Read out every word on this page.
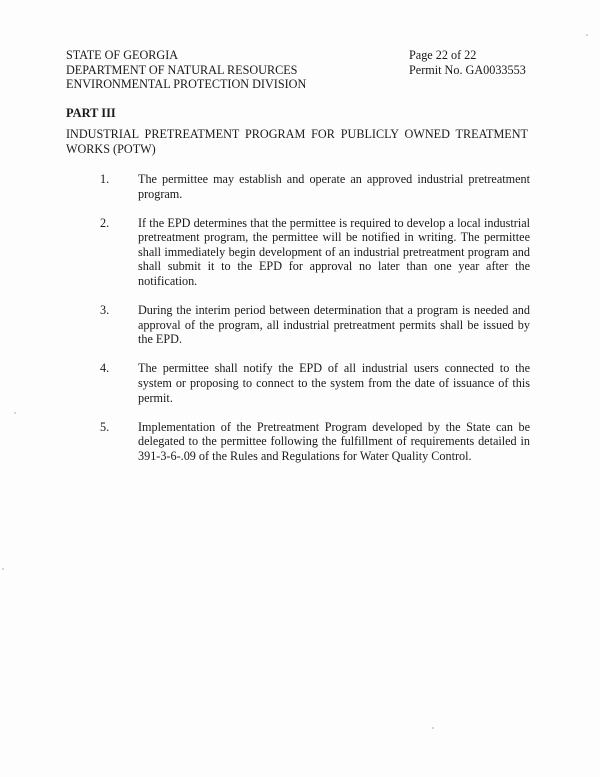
STATE OF GEORGIA
DEPARTMENT OF NATURAL RESOURCES
ENVIRONMENTAL PROTECTION DIVISION
Page 22 of 22
Permit No. GA0033553
PART III
INDUSTRIAL PRETREATMENT PROGRAM FOR PUBLICLY OWNED TREATMENT WORKS (POTW)
1. The permittee may establish and operate an approved industrial pretreatment program.
2. If the EPD determines that the permittee is required to develop a local industrial pretreatment program, the permittee will be notified in writing. The permittee shall immediately begin development of an industrial pretreatment program and shall submit it to the EPD for approval no later than one year after the notification.
3. During the interim period between determination that a program is needed and approval of the program, all industrial pretreatment permits shall be issued by the EPD.
4. The permittee shall notify the EPD of all industrial users connected to the system or proposing to connect to the system from the date of issuance of this permit.
5. Implementation of the Pretreatment Program developed by the State can be delegated to the permittee following the fulfillment of requirements detailed in 391-3-6-.09 of the Rules and Regulations for Water Quality Control.
